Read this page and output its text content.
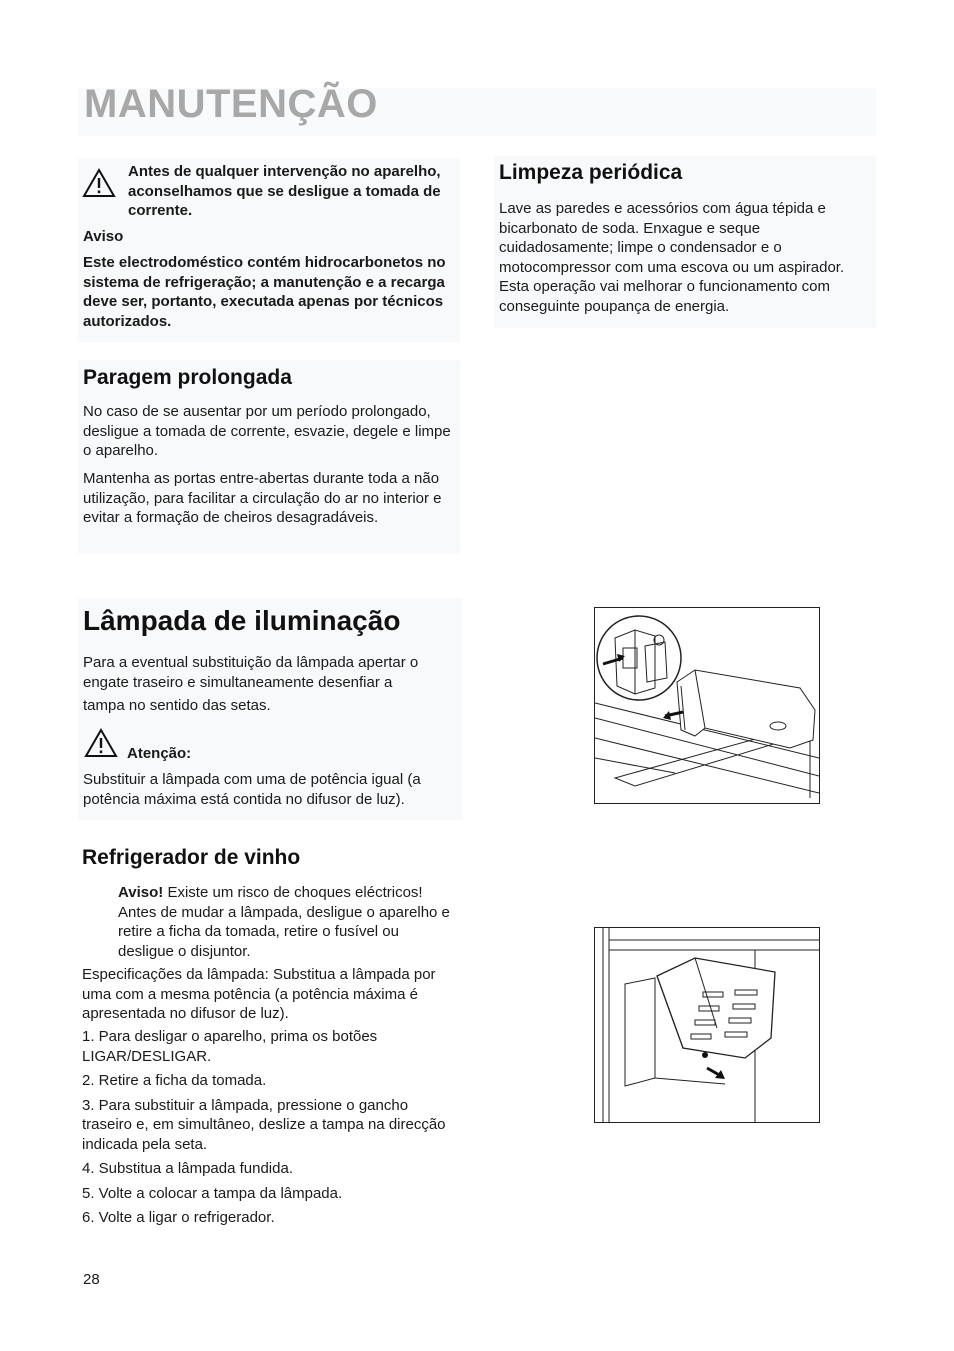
MANUTENÇÃO

Antes de qualquer intervenção no aparelho, aconselhamos que se desligue a tomada de corrente.

Aviso

Este electrodoméstico contém hidrocarbonetos no sistema de refrigeração; a manutenção e a recarga deve ser, portanto, executada apenas por técnicos autorizados.

Limpeza periódica

Lave as paredes e acessórios com água tépida e bicarbonato de soda. Enxague e seque cuidadosamente; limpe o condensador e o motocompressor com uma escova ou um aspirador. Esta operação vai melhorar o funcionamento com conseguinte poupança de energia.

Paragem prolongada

No caso de se ausentar por um período prolongado, desligue a tomada de corrente, esvazie, degele e limpe o aparelho.

Mantenha as portas entre-abertas durante toda a não utilização, para facilitar a circulação do ar no interior e evitar a formação de cheiros desagradáveis.

Lâmpada de iluminação

Para a eventual substituição da lâmpada apertar o engate traseiro e simultaneamente desenfiar a

tampa no sentido das setas.

Atenção:

Substituir a lâmpada com uma de potência igual (a potência máxima está contida no difusor de luz).

Refrigerador de vinho

Aviso! Existe um risco de choques eléctricos! Antes de mudar a lâmpada, desligue o aparelho e retire a ficha da tomada, retire o fusível ou desligue o disjuntor.

Especificações da lâmpada: Substitua a lâmpada por uma com a mesma potência (a potência máxima é apresentada no difusor de luz).

1. Para desligar o aparelho, prima os botões LIGAR/DESLIGAR.
2. Retire a ficha da tomada.
3. Para substituir a lâmpada, pressione o gancho traseiro e, em simultâneo, deslize a tampa na direcção indicada pela seta.
4. Substitua a lâmpada fundida.
5. Volte a colocar a tampa da lâmpada.
6. Volte a ligar o refrigerador.

28
